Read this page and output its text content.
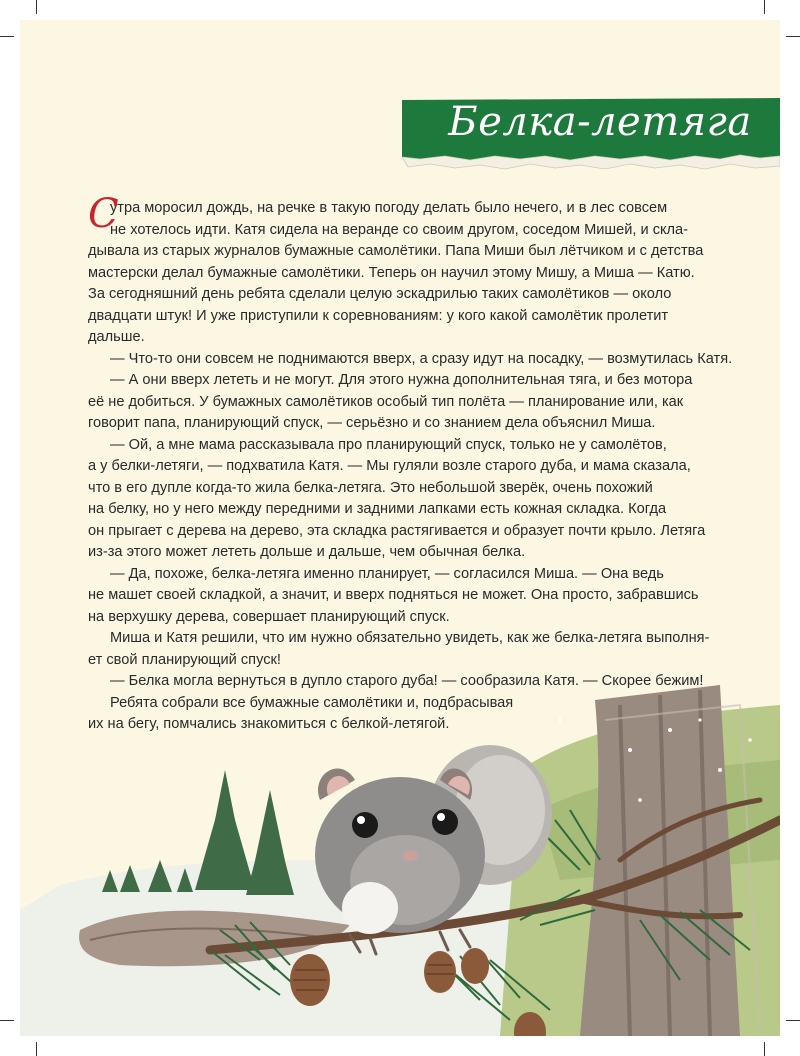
Белка-летяга
С

утра моросил дождь, на речке в такую погоду делать было нечего, и в лес совсем

не хотелось идти. Катя сидела на веранде со своим другом, соседом Мишей, и скла-

дывала из старых журналов бумажные самолётики. Папа Миши был лётчиком и с детства

мастерски делал бумажные самолётики. Теперь он научил этому Мишу, а Миша — Катю.

За сегодняшний день ребята сделали целую эскадрилью таких самолётиков — около

двадцати штук! И уже приступили к соревнованиям: у кого какой самолётик пролетит

дальше.

— Что-то они совсем не поднимаются вверх, а сразу идут на посадку, — возмутилась Катя.

— А они вверх лететь и не могут. Для этого нужна дополнительная тяга, и без мотора

её не добиться. У бумажных самолётиков особый тип полёта — планирование или, как

говорит папа, планирующий спуск, — серьёзно и со знанием дела объяснил Миша.

— Ой, а мне мама рассказывала про планирующий спуск, только не у самолётов,

а у белки-летяги, — подхватила Катя. — Мы гуляли возле старого дуба, и мама сказала,

что в его дупле когда-то жила белка-летяга. Это небольшой зверёк, очень похожий

на белку, но у него между передними и задними лапками есть кожная складка. Когда

он прыгает с дерева на дерево, эта складка растягивается и образует почти крыло. Летяга

из-за этого может лететь дольше и дальше, чем обычная белка.

— Да, похоже, белка-летяга именно планирует, — согласился Миша. — Она ведь

не машет своей складкой, а значит, и вверх подняться не может. Она просто, забравшись

на верхушку дерева, совершает планирующий спуск.

Миша и Катя решили, что им нужно обязательно увидеть, как же белка-летяга выполня-

ет свой планирующий спуск!

— Белка могла вернуться в дупло старого дуба! — сообразила Катя. — Скорее бежим!

Ребята собрали все бумажные самолётики и, подбрасывая

их на бегу, помчались знакомиться с белкой-летягой.
